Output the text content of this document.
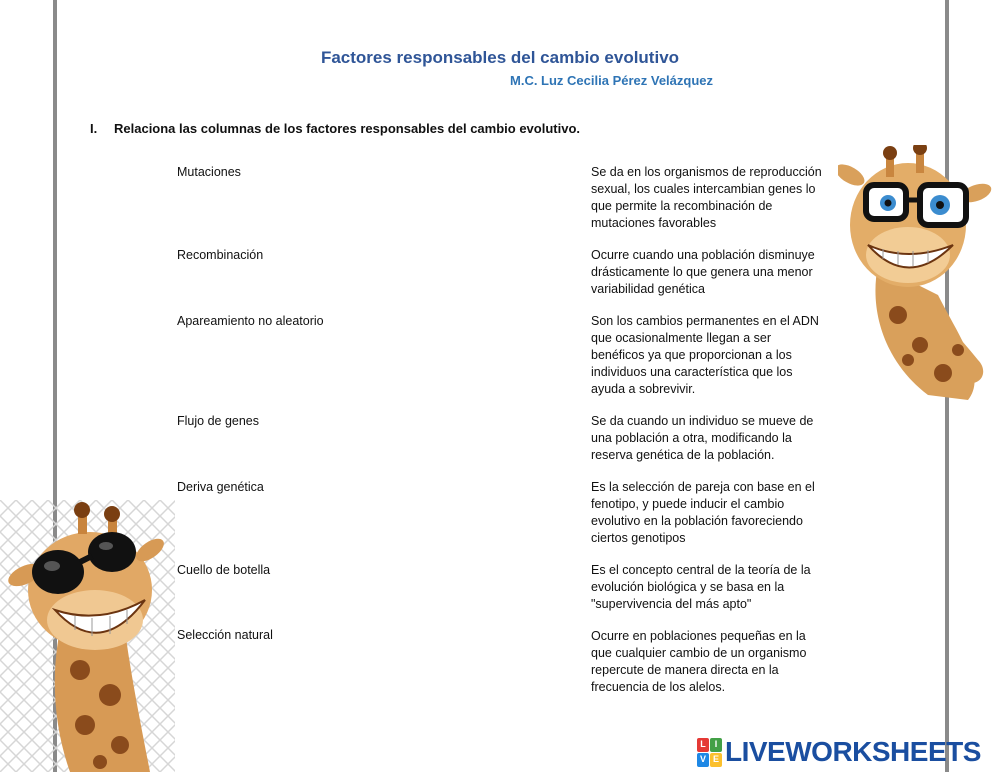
Factores responsables del cambio evolutivo
M.C. Luz Cecilia Pérez Velázquez
I. Relaciona las columnas de los factores responsables del cambio evolutivo.
Mutaciones
Recombinación
Apareamiento no aleatorio
Flujo de genes
Deriva genética
Cuello de botella
Selección natural
Se da en los organismos de reproducción
sexual, los cuales intercambian genes lo
que permite la recombinación de
mutaciones favorables
Ocurre cuando una población disminuye
drásticamente lo que genera una menor
variabilidad genética
Son los cambios permanentes en el ADN
que ocasionalmente llegan a ser
benéficos ya que proporcionan a los
individuos una característica que los
ayuda a sobrevivir.
Se da cuando un individuo se mueve de
una población a otra, modificando la
reserva genética de la población.
Es la selección de pareja con base en el
fenotipo, y puede inducir el cambio
evolutivo en la población favoreciendo
ciertos genotipos
Es el concepto central de la teoría de la
evolución biológica y se basa en la
"supervivencia del más apto"
Ocurre en poblaciones pequeñas en la
que cualquier cambio de un organismo
repercute de manera directa en la
frecuencia de los alelos.
L I
V E LIVEWORKSHEETS
